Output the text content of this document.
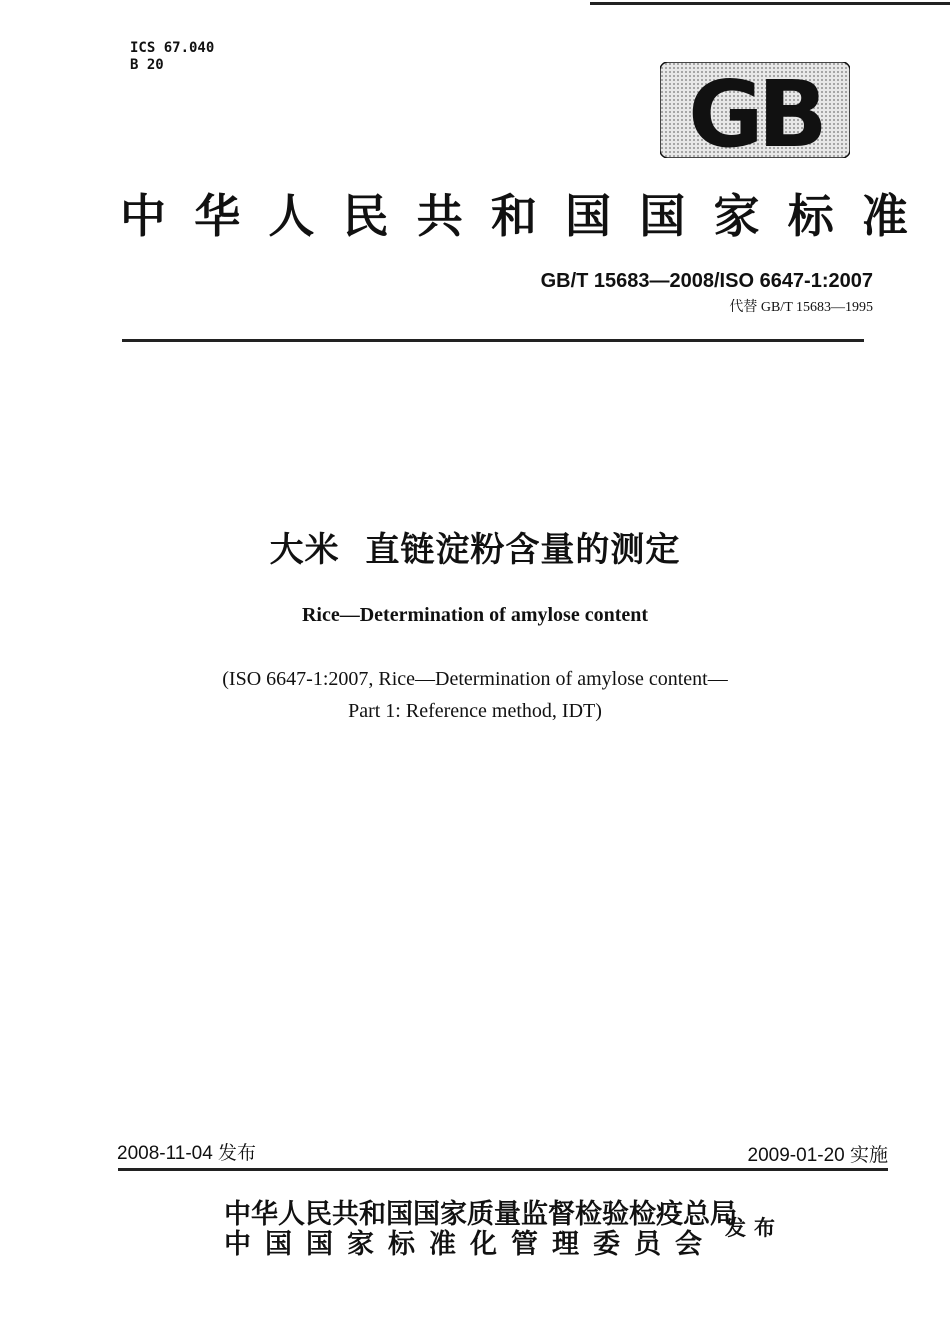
ICS 67.040
B 20	GB
中 华 人 民 共 和 国 国 家 标 准
GB/T 15683—2008/ISO 6647-1:2007
代替 GB/T 15683—1995
大米  直链淀粉含量的测定
Rice—Determination of amylose content
(ISO 6647-1:2007, Rice—Determination of amylose content—
Part 1: Reference method, IDT)
2008-11-04 发布	2009-01-20 实施
中华人民共和国国家质量监督检验检疫总局
中 国 国 家 标 准 化 管 理 委 员 会
发布
